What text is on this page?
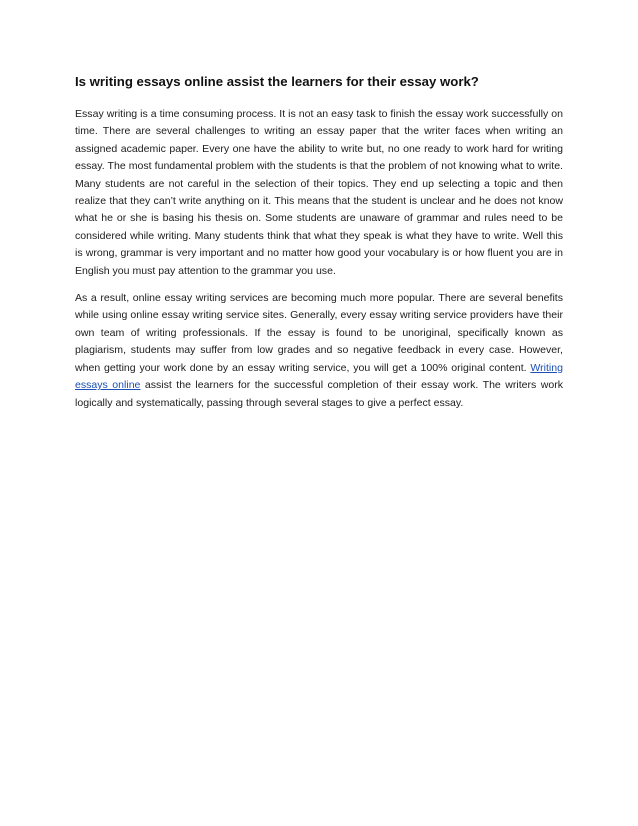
Is writing essays online assist the learners for their essay work?

Essay writing is a time consuming process. It is not an easy task to finish the essay work successfully on time. There are several challenges to writing an essay paper that the writer faces when writing an assigned academic paper. Every one have the ability to write but, no one ready to work hard for writing essay. The most fundamental problem with the students is that the problem of not knowing what to write. Many students are not careful in the selection of their topics. They end up selecting a topic and then realize that they can’t write anything on it. This means that the student is unclear and he does not know what he or she is basing his thesis on. Some students are unaware of grammar and rules need to be considered while writing. Many students think that what they speak is what they have to write. Well this is wrong, grammar is very important and no matter how good your vocabulary is or how fluent you are in English you must pay attention to the grammar you use.

As a result, online essay writing services are becoming much more popular. There are several benefits while using online essay writing service sites. Generally, every essay writing service providers have their own team of writing professionals. If the essay is found to be unoriginal, specifically known as plagiarism, students may suffer from low grades and so negative feedback in every case. However, when getting your work done by an essay writing service, you will get a 100% original content. Writing essays online assist the learners for the successful completion of their essay work. The writers work logically and systematically, passing through several stages to give a perfect essay.
